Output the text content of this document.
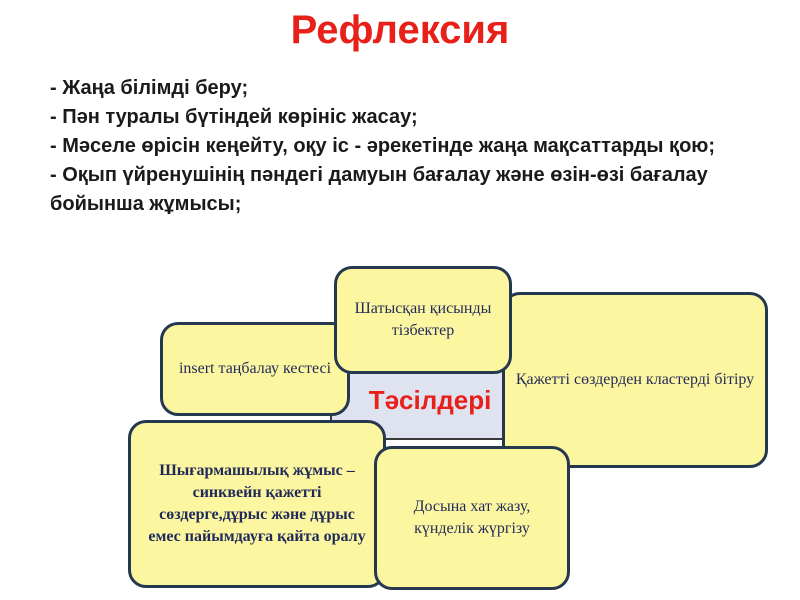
Рефлексия
- Жаңа білімді беру;
- Пән туралы бүтіндей көрініс жасау;
- Мәселе өрісін кеңейту, оқу іс - әрекетінде жаңа мақсаттарды қою;
- Оқып үйренушінің пәндегі дамуын бағалау және өзін-өзі бағалау бойынша жұмысы;
Тәсілдері
insert таңбалау кестесі
Қажетті сөздерден кластерді бітіру
Шатысқан қисынды тізбектер
Шығармашылық жұмыс – синквейн қажетті сөздерге,дұрыс және дұрыс емес пайымдауға қайта оралу
Досына хат жазу, күнделік жүргізу
